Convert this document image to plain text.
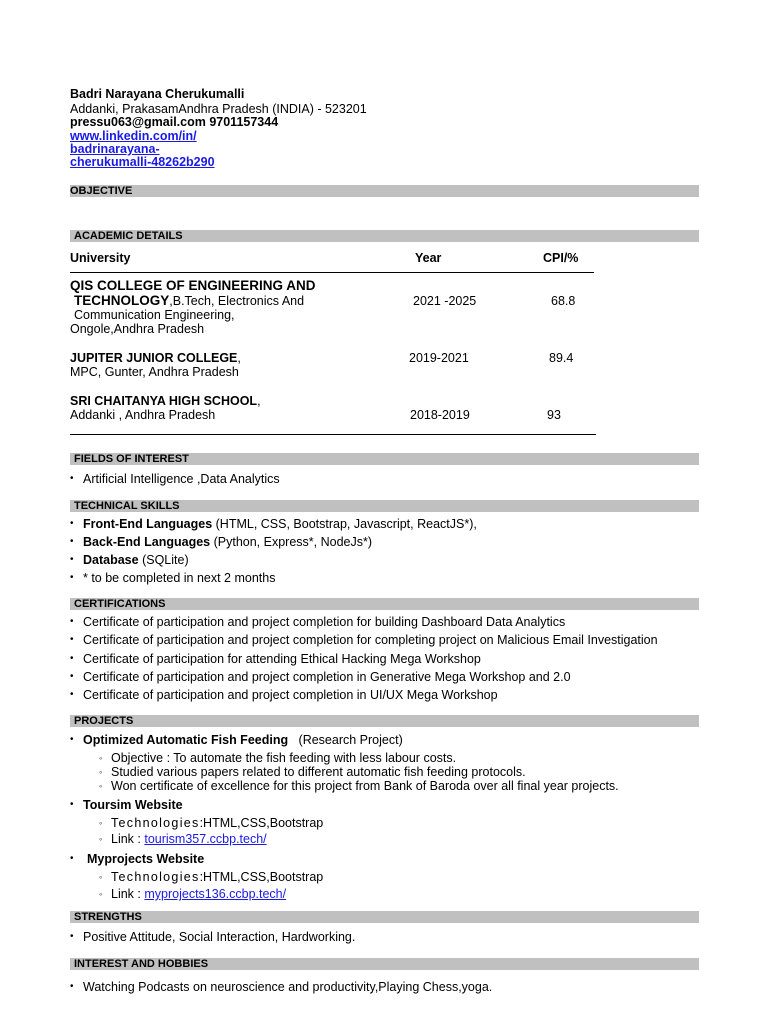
Badri Narayana Cherukumalli
Addanki, PrakasamAndhra Pradesh (INDIA) - 523201
pressu063@gmail.com 9701157344
www.linkedin.com/in/
badrinarayana-
cherukumalli-48262b290
OBJECTIVE
ACADEMIC DETAILS
University	Year	CPI/%
QIS COLLEGE OF ENGINEERING AND
TECHNOLOGY,B.Tech, Electronics And
Communication Engineering,
Ongole,Andhra Pradesh
2021 -2025	68.8
JUPITER JUNIOR COLLEGE,
MPC, Gunter, Andhra Pradesh
2019-2021	89.4
SRI CHAITANYA HIGH SCHOOL,
Addanki , Andhra Pradesh	2018-2019	93
FIELDS OF INTEREST
• Artificial Intelligence ,Data Analytics
TECHNICAL SKILLS
• Front-End Languages (HTML, CSS, Bootstrap, Javascript, ReactJS*),
• Back-End Languages (Python, Express*, NodeJs*)
• Database (SQLite)
• * to be completed in next 2 months
CERTIFICATIONS
• Certificate of participation and project completion for building Dashboard Data Analytics
• Certificate of participation and project completion for completing project on Malicious Email Investigation
• Certificate of participation for attending Ethical Hacking Mega Workshop
• Certificate of participation and project completion in Generative Mega Workshop and 2.0
• Certificate of participation and project completion in UI/UX Mega Workshop
PROJECTS
• Optimized Automatic Fish Feeding (Research Project)
◦ Objective : To automate the fish feeding with less labour costs.
◦ Studied various papers related to different automatic fish feeding protocols.
◦ Won certificate of excellence for this project from Bank of Baroda over all final year projects.
• Toursim Website
◦ Technologies:HTML,CSS,Bootstrap
◦ Link : tourism357.ccbp.tech/
• Myprojects Website
◦ Technologies:HTML,CSS,Bootstrap
◦ Link : myprojects136.ccbp.tech/
STRENGTHS
• Positive Attitude, Social Interaction, Hardworking.
INTEREST AND HOBBIES
• Watching Podcasts on neuroscience and productivity,Playing Chess,yoga.
